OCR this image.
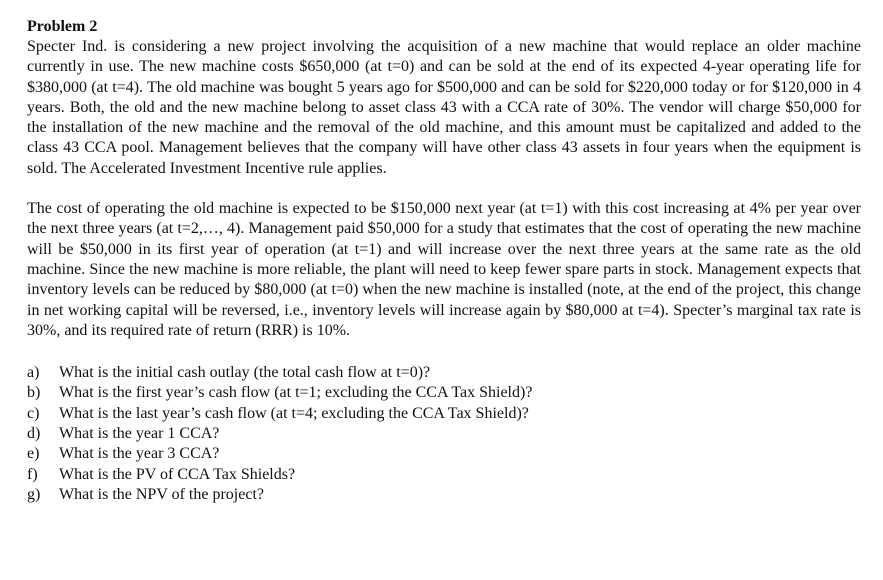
Problem 2

Specter Ind. is considering a new project involving the acquisition of a new machine that would replace an older machine currently in use. The new machine costs $650,000 (at t=0) and can be sold at the end of its expected 4-year operating life for $380,000 (at t=4). The old machine was bought 5 years ago for $500,000 and can be sold for $220,000 today or for $120,000 in 4 years. Both, the old and the new machine belong to asset class 43 with a CCA rate of 30%. The vendor will charge $50,000 for the installation of the new machine and the removal of the old machine, and this amount must be capitalized and added to the class 43 CCA pool. Management believes that the company will have other class 43 assets in four years when the equipment is sold. The Accelerated Investment Incentive rule applies.

The cost of operating the old machine is expected to be $150,000 next year (at t=1) with this cost increasing at 4% per year over the next three years (at t=2,…, 4). Management paid $50,000 for a study that estimates that the cost of operating the new machine will be $50,000 in its first year of operation (at t=1) and will increase over the next three years at the same rate as the old machine. Since the new machine is more reliable, the plant will need to keep fewer spare parts in stock. Management expects that inventory levels can be reduced by $80,000 (at t=0) when the new machine is installed (note, at the end of the project, this change in net working capital will be reversed, i.e., inventory levels will increase again by $80,000 at t=4). Specter’s marginal tax rate is 30%, and its required rate of return (RRR) is 10%.

a)	What is the initial cash outlay (the total cash flow at t=0)?
b)	What is the first year’s cash flow (at t=1; excluding the CCA Tax Shield)?
c)	What is the last year’s cash flow (at t=4; excluding the CCA Tax Shield)?
d)	What is the year 1 CCA?
e)	What is the year 3 CCA?
f)	What is the PV of CCA Tax Shields?
g)	What is the NPV of the project?
